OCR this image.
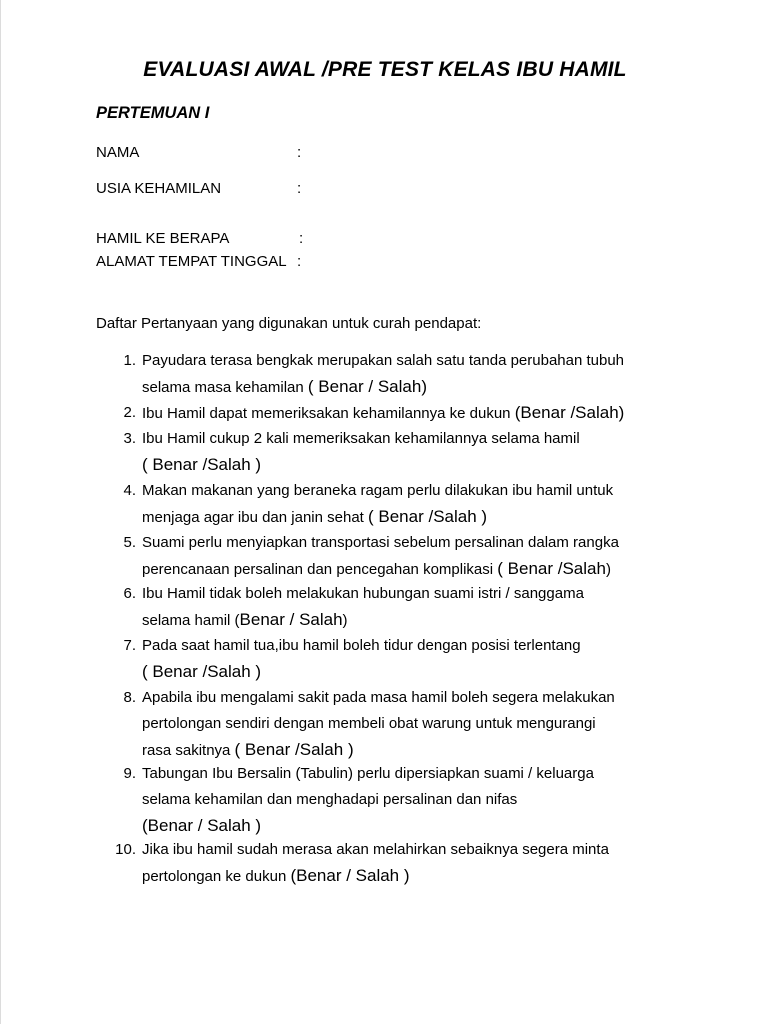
EVALUASI AWAL /PRE TEST KELAS IBU HAMIL
PERTEMUAN I
NAMA	:
USIA KEHAMILAN	:
HAMIL KE BERAPA	:
ALAMAT TEMPAT TINGGAL :
Daftar Pertanyaan yang digunakan untuk curah pendapat:
1. Payudara terasa bengkak merupakan salah satu tanda perubahan tubuh
selama masa kehamilan ( Benar / Salah)
2. Ibu Hamil dapat memeriksakan kehamilannya ke dukun (Benar /Salah)
3. Ibu Hamil cukup 2 kali memeriksakan kehamilannya selama hamil
( Benar /Salah )
4. Makan makanan yang beraneka ragam perlu dilakukan ibu hamil untuk
menjaga agar ibu dan janin sehat ( Benar /Salah )
5. Suami perlu menyiapkan transportasi sebelum persalinan dalam rangka
perencanaan persalinan dan pencegahan komplikasi ( Benar /Salah)
6. Ibu Hamil tidak boleh melakukan hubungan suami istri / sanggama
selama hamil (Benar / Salah)
7. Pada saat hamil tua,ibu hamil boleh tidur dengan posisi terlentang
( Benar /Salah )
8. Apabila ibu mengalami sakit pada masa hamil boleh segera melakukan
pertolongan sendiri dengan membeli obat warung untuk mengurangi
rasa sakitnya ( Benar /Salah )
9. Tabungan Ibu Bersalin (Tabulin) perlu dipersiapkan suami / keluarga
selama kehamilan dan menghadapi persalinan dan nifas
(Benar / Salah )
10. Jika ibu hamil sudah merasa akan melahirkan sebaiknya segera minta
pertolongan ke dukun (Benar / Salah )
